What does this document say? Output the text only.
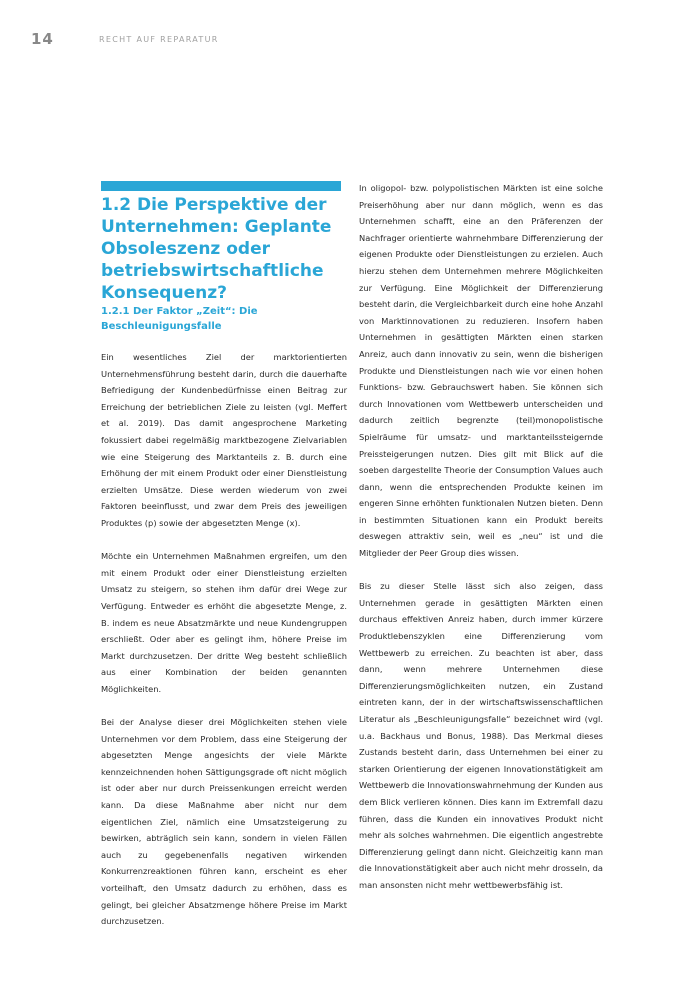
14	RECHT AUF REPARATUR
1.2 Die Perspektive der Unternehmen: Geplante Obsoleszenz oder betriebswirtschaftliche Konsequenz?
1.2.1 Der Faktor „Zeit“: Die Beschleunigungsfalle

Ein wesentliches Ziel der marktorientierten Unternehmensführung besteht darin, durch die dauerhafte Befriedigung der Kundenbedürfnisse einen Beitrag zur Erreichung der betrieblichen Ziele zu leisten (vgl. Meffert et al. 2019). Das damit angesprochene Marketing fokussiert dabei regelmäßig marktbezogene Zielvariablen wie eine Steigerung des Marktanteils z. B. durch eine Erhöhung der mit einem Produkt oder einer Dienstleistung erzielten Umsätze. Diese werden wiederum von zwei Faktoren beeinflusst, und zwar dem Preis des jeweiligen Produktes (p) sowie der abgesetzten Menge (x).

Möchte ein Unternehmen Maßnahmen ergreifen, um den mit einem Produkt oder einer Dienstleistung erzielten Umsatz zu steigern, so stehen ihm dafür drei Wege zur Verfügung. Entweder es erhöht die abgesetzte Menge, z. B. indem es neue Absatzmärkte und neue Kundengruppen erschließt. Oder aber es gelingt ihm, höhere Preise im Markt durchzusetzen. Der dritte Weg besteht schließlich aus einer Kombination der beiden genannten Möglichkeiten.

Bei der Analyse dieser drei Möglichkeiten stehen viele Unternehmen vor dem Problem, dass eine Steigerung der abgesetzten Menge angesichts der viele Märkte kennzeichnenden hohen Sättigungsgrade oft nicht möglich ist oder aber nur durch Preissenkungen erreicht werden kann. Da diese Maßnahme aber nicht nur dem eigentlichen Ziel, nämlich eine Umsatzsteigerung zu bewirken, abträglich sein kann, sondern in vielen Fällen auch zu gegebenenfalls negativen wirkenden Konkurrenzreaktionen führen kann, erscheint es eher vorteilhaft, den Umsatz dadurch zu erhöhen, dass es gelingt, bei gleicher Absatzmenge höhere Preise im Markt durchzusetzen.

In oligopol- bzw. polypolistischen Märkten ist eine solche Preiserhöhung aber nur dann möglich, wenn es das Unternehmen schafft, eine an den Präferenzen der Nachfrager orientierte wahrnehmbare Differenzierung der eigenen Produkte oder Dienstleistungen zu erzielen. Auch hierzu stehen dem Unternehmen mehrere Möglichkeiten zur Verfügung. Eine Möglichkeit der Differenzierung besteht darin, die Vergleichbarkeit durch eine hohe Anzahl von Marktinnovationen zu reduzieren. Insofern haben Unternehmen in gesättigten Märkten einen starken Anreiz, auch dann innovativ zu sein, wenn die bisherigen Produkte und Dienstleistungen nach wie vor einen hohen Funktions- bzw. Gebrauchswert haben. Sie können sich durch Innovationen vom Wettbewerb unterscheiden und dadurch zeitlich begrenzte (teil)monopolistische Spielräume für umsatz- und marktanteilssteigernde Preissteigerungen nutzen. Dies gilt mit Blick auf die soeben dargestellte Theorie der Consumption Values auch dann, wenn die entsprechenden Produkte keinen im engeren Sinne erhöhten funktionalen Nutzen bieten. Denn in bestimmten Situationen kann ein Produkt bereits deswegen attraktiv sein, weil es „neu“ ist und die Mitglieder der Peer Group dies wissen.

Bis zu dieser Stelle lässt sich also zeigen, dass Unternehmen gerade in gesättigten Märkten einen durchaus effektiven Anreiz haben, durch immer kürzere Produktlebenszyklen eine Differenzierung vom Wettbewerb zu erreichen. Zu beachten ist aber, dass dann, wenn mehrere Unternehmen diese Differenzierungsmöglichkeiten nutzen, ein Zustand eintreten kann, der in der wirtschaftswissenschaftlichen Literatur als „Beschleunigungsfalle“ bezeichnet wird (vgl. u.a. Backhaus und Bonus, 1988). Das Merkmal dieses Zustands besteht darin, dass Unternehmen bei einer zu starken Orientierung der eigenen Innovationstätigkeit am Wettbewerb die Innovationswahrnehmung der Kunden aus dem Blick verlieren können. Dies kann im Extremfall dazu führen, dass die Kunden ein innovatives Produkt nicht mehr als solches wahrnehmen. Die eigentlich angestrebte Differenzierung gelingt dann nicht. Gleichzeitig kann man die Innovationstätigkeit aber auch nicht mehr drosseln, da man ansonsten nicht mehr wettbewerbsfähig ist.
